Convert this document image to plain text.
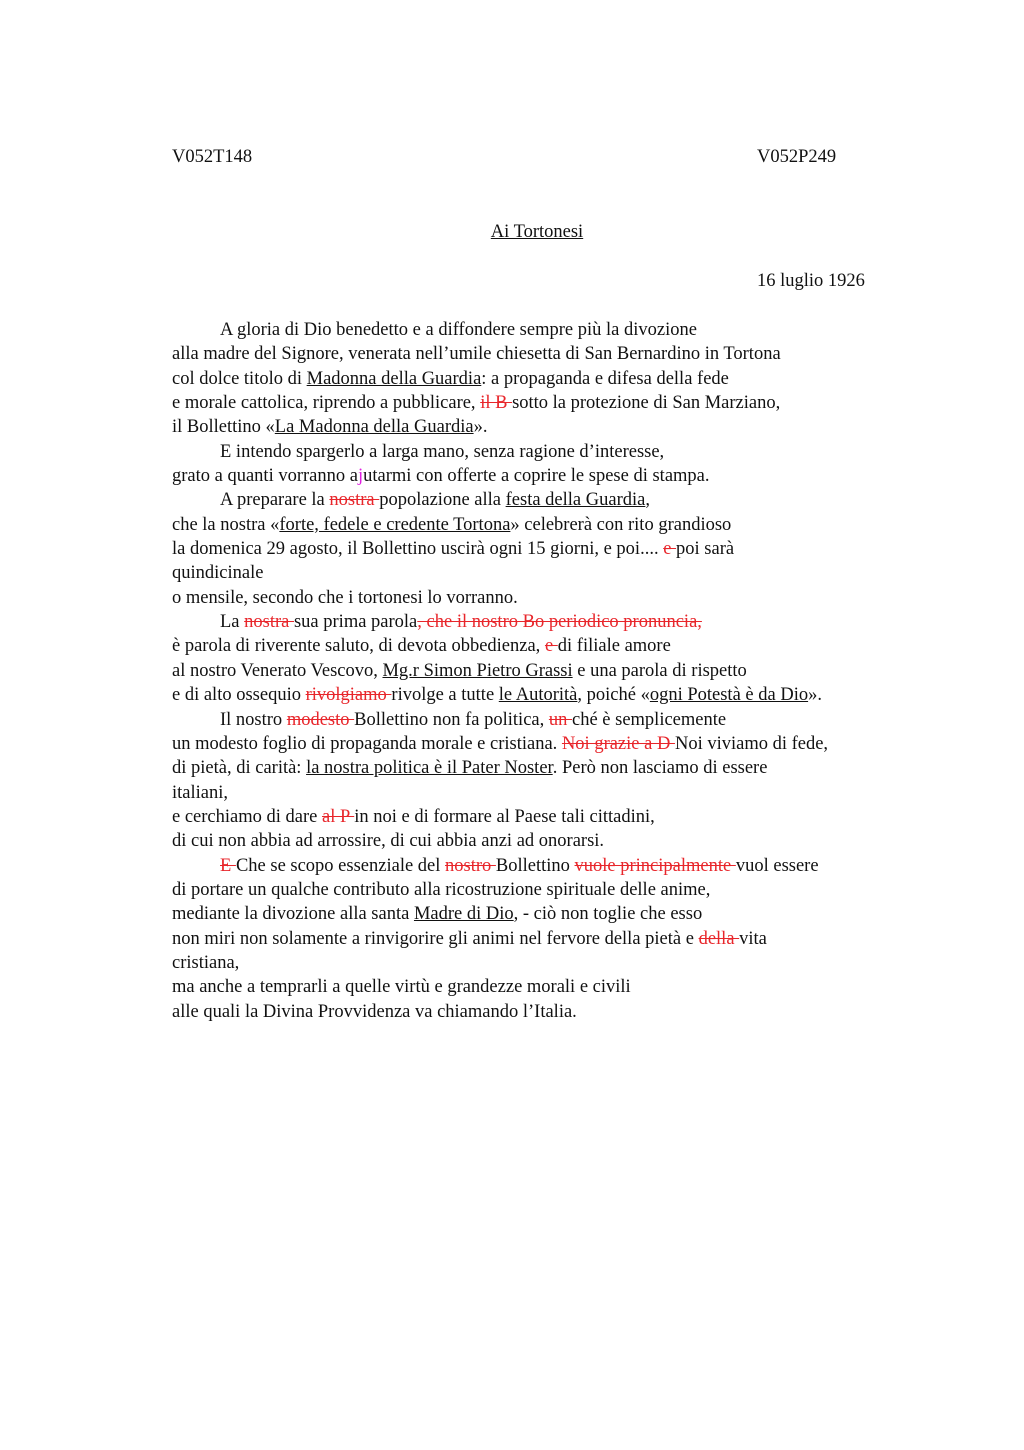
V052T148	V052P249
Ai Tortonesi
16 luglio 1926
A gloria di Dio benedetto e a diffondere sempre più la divozione
alla madre del Signore, venerata nell’umile chiesetta di San Bernardino in Tortona
col dolce titolo di Madonna della Guardia: a propaganda e difesa della fede
e morale cattolica, riprendo a pubblicare, il B sotto la protezione di San Marziano,
il Bollettino «La Madonna della Guardia».
E intendo spargerlo a larga mano, senza ragione d’interesse,
grato a quanti vorranno ajutarmi con offerte a coprire le spese di stampa.
A preparare la nostra popolazione alla festa della Guardia,
che la nostra «forte, fedele e credente Tortona» celebrerà con rito grandioso
la domenica 29 agosto, il Bollettino uscirà ogni 15 giorni, e poi.... e poi sarà
quindicinale
o mensile, secondo che i tortonesi lo vorranno.
La nostra sua prima parola, che il nostro Bo periodico pronuncia,
è parola di riverente saluto, di devota obbedienza, e di filiale amore
al nostro Venerato Vescovo, Mg.r Simon Pietro Grassi e una parola di rispetto
e di alto ossequio rivolgiamo rivolge a tutte le Autorità, poiché «ogni Potestà è da Dio».
Il nostro modesto Bollettino non fa politica, un ché è semplicemente
un modesto foglio di propaganda morale e cristiana. Noi grazie a D Noi viviamo di fede,
di pietà, di carità: la nostra politica è il Pater Noster. Però non lasciamo di essere
italiani,
e cerchiamo di dare al P in noi e di formare al Paese tali cittadini,
di cui non abbia ad arrossire, di cui abbia anzi ad onorarsi.
E Che se scopo essenziale del nostro Bollettino vuole principalmente vuol essere
di portare un qualche contributo alla ricostruzione spirituale delle anime,
mediante la divozione alla santa Madre di Dio, - ciò non toglie che esso
non miri non solamente a rinvigorire gli animi nel fervore della pietà e della vita
cristiana,
ma anche a temprarli a quelle virtù e grandezze morali e civili
alle quali la Divina Provvidenza va chiamando l’Italia.
